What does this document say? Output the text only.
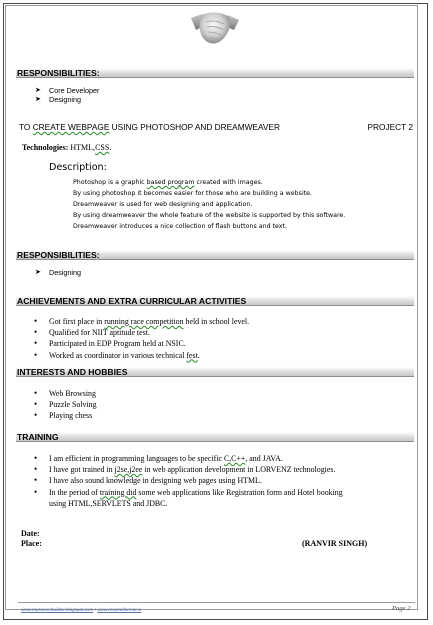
RESPONSIBILITIES:
➤ Core Developer
➤ Designing
TO CREATE WEBPAGE USING PHOTOSHOP AND DREAMWEAVER	PROJECT 2
Technologies: HTML,CSS.
Description:
Photoshop is a graphic based program created with images.
By using photoshop it becomes easier for those who are building a website.
Dreamweaver is used for web designing and application.
By using dreamweaver the whole feature of the website is supported by this software.
Dreamweaver introduces a nice collection of flash buttons and text.
RESPONSIBILITIES:
➤ Designing
ACHIEVEMENTS AND EXTRA CURRICULAR ACTIVITIES
• Got first place in running race competition held in school level.
• Qualified for NIIT aptitude test.
• Participated in EDP Program held at NSIC.
• Worked as coordinator in various technical fest.
INTERESTS AND HOBBIES
• Web Browsing
• Puzzle Solving
• Playing chess
TRAINING
• I am efficient in programming languages to be specific C,C++, and JAVA.
• I have got trained in j2se,j2ee in web application development in LORVENZ technologies.
• I have also sound knowledge in designing web pages using HTML.
• In the period of training did some web applications like Registration form and Hotel booking
using HTML,SERVLETS and JDBC.
Date:
Place:	(RANVIR SINGH)
www.mycareerbuilder.blogspot.com / www.resumeformat.in	Page 2
